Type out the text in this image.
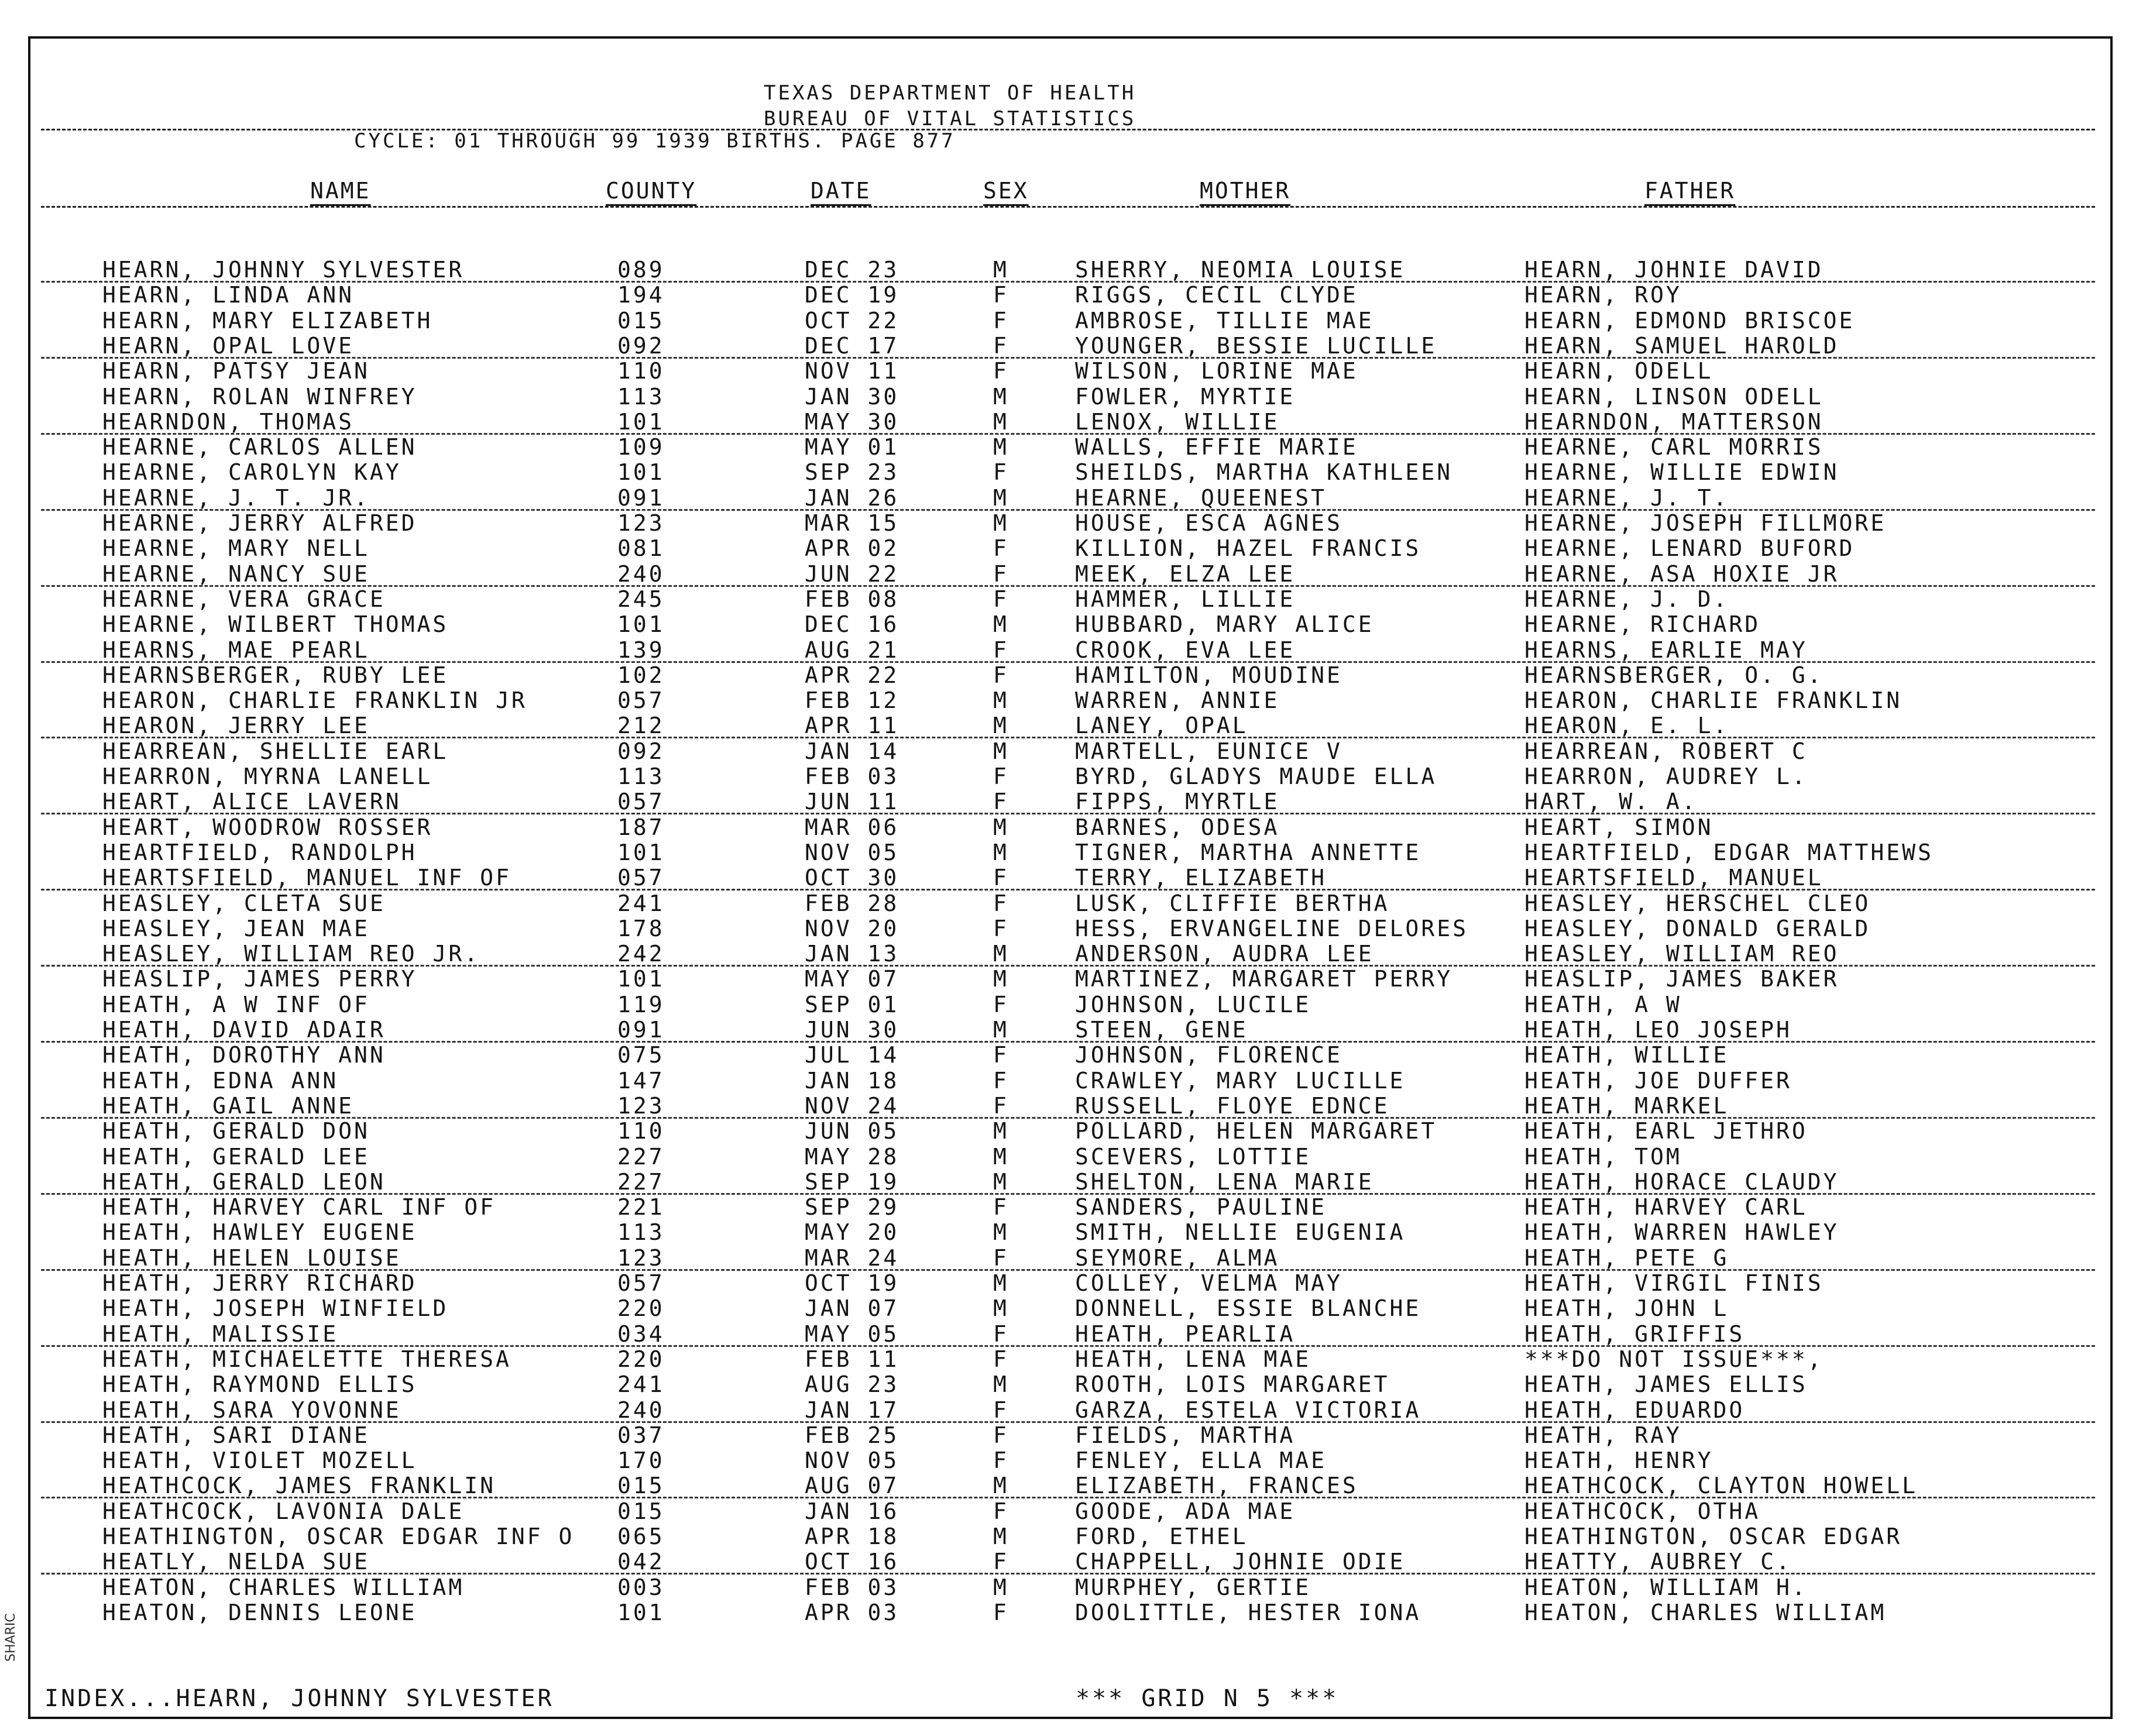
TEXAS DEPARTMENT OF HEALTH
BUREAU OF VITAL STATISTICS
CYCLE: 01 THROUGH 99 1939 BIRTHS. PAGE 877
NAME	COUNTY	DATE	SEX	MOTHER	FATHER
HEARN, JOHNNY SYLVESTER	089	DEC 23	M	SHERRY, NEOMIA LOUISE	HEARN, JOHNIE DAVID
HEARN, LINDA ANN	194	DEC 19	F	RIGGS, CECIL CLYDE	HEARN, ROY
HEARN, MARY ELIZABETH	015	OCT 22	F	AMBROSE, TILLIE MAE	HEARN, EDMOND BRISCOE
HEARN, OPAL LOVE	092	DEC 17	F	YOUNGER, BESSIE LUCILLE	HEARN, SAMUEL HAROLD
HEARN, PATSY JEAN	110	NOV 11	F	WILSON, LORINE MAE	HEARN, ODELL
HEARN, ROLAN WINFREY	113	JAN 30	M	FOWLER, MYRTIE	HEARN, LINSON ODELL
HEARNDON, THOMAS	101	MAY 30	M	LENOX, WILLIE	HEARNDON, MATTERSON
HEARNE, CARLOS ALLEN	109	MAY 01	M	WALLS, EFFIE MARIE	HEARNE, CARL MORRIS
HEARNE, CAROLYN KAY	101	SEP 23	F	SHEILDS, MARTHA KATHLEEN	HEARNE, WILLIE EDWIN
HEARNE, J. T. JR.	091	JAN 26	M	HEARNE, QUEENEST	HEARNE, J. T.
HEARNE, JERRY ALFRED	123	MAR 15	M	HOUSE, ESCA AGNES	HEARNE, JOSEPH FILLMORE
HEARNE, MARY NELL	081	APR 02	F	KILLION, HAZEL FRANCIS	HEARNE, LENARD BUFORD
HEARNE, NANCY SUE	240	JUN 22	F	MEEK, ELZA LEE	HEARNE, ASA HOXIE JR
HEARNE, VERA GRACE	245	FEB 08	F	HAMMER, LILLIE	HEARNE, J. D.
HEARNE, WILBERT THOMAS	101	DEC 16	M	HUBBARD, MARY ALICE	HEARNE, RICHARD
HEARNS, MAE PEARL	139	AUG 21	F	CROOK, EVA LEE	HEARNS, EARLIE MAY
HEARNSBERGER, RUBY LEE	102	APR 22	F	HAMILTON, MOUDINE	HEARNSBERGER, O. G.
HEARON, CHARLIE FRANKLIN JR	057	FEB 12	M	WARREN, ANNIE	HEARON, CHARLIE FRANKLIN
HEARON, JERRY LEE	212	APR 11	M	LANEY, OPAL	HEARON, E. L.
HEARREAN, SHELLIE EARL	092	JAN 14	M	MARTELL, EUNICE V	HEARREAN, ROBERT C
HEARRON, MYRNA LANELL	113	FEB 03	F	BYRD, GLADYS MAUDE ELLA	HEARRON, AUDREY L.
HEART, ALICE LAVERN	057	JUN 11	F	FIPPS, MYRTLE	HART, W. A.
HEART, WOODROW ROSSER	187	MAR 06	M	BARNES, ODESA	HEART, SIMON
HEARTFIELD, RANDOLPH	101	NOV 05	M	TIGNER, MARTHA ANNETTE	HEARTFIELD, EDGAR MATTHEWS
HEARTSFIELD, MANUEL INF OF	057	OCT 30	F	TERRY, ELIZABETH	HEARTSFIELD, MANUEL
HEASLEY, CLETA SUE	241	FEB 28	F	LUSK, CLIFFIE BERTHA	HEASLEY, HERSCHEL CLEO
HEASLEY, JEAN MAE	178	NOV 20	F	HESS, ERVANGELINE DELORES	HEASLEY, DONALD GERALD
HEASLEY, WILLIAM REO JR.	242	JAN 13	M	ANDERSON, AUDRA LEE	HEASLEY, WILLIAM REO
HEASLIP, JAMES PERRY	101	MAY 07	M	MARTINEZ, MARGARET PERRY	HEASLIP, JAMES BAKER
HEATH, A W INF OF	119	SEP 01	F	JOHNSON, LUCILE	HEATH, A W
HEATH, DAVID ADAIR	091	JUN 30	M	STEEN, GENE	HEATH, LEO JOSEPH
HEATH, DOROTHY ANN	075	JUL 14	F	JOHNSON, FLORENCE	HEATH, WILLIE
HEATH, EDNA ANN	147	JAN 18	F	CRAWLEY, MARY LUCILLE	HEATH, JOE DUFFER
HEATH, GAIL ANNE	123	NOV 24	F	RUSSELL, FLOYE EDNCE	HEATH, MARKEL
HEATH, GERALD DON	110	JUN 05	M	POLLARD, HELEN MARGARET	HEATH, EARL JETHRO
HEATH, GERALD LEE	227	MAY 28	M	SCEVERS, LOTTIE	HEATH, TOM
HEATH, GERALD LEON	227	SEP 19	M	SHELTON, LENA MARIE	HEATH, HORACE CLAUDY
HEATH, HARVEY CARL INF OF	221	SEP 29	F	SANDERS, PAULINE	HEATH, HARVEY CARL
HEATH, HAWLEY EUGENE	113	MAY 20	M	SMITH, NELLIE EUGENIA	HEATH, WARREN HAWLEY
HEATH, HELEN LOUISE	123	MAR 24	F	SEYMORE, ALMA	HEATH, PETE G
HEATH, JERRY RICHARD	057	OCT 19	M	COLLEY, VELMA MAY	HEATH, VIRGIL FINIS
HEATH, JOSEPH WINFIELD	220	JAN 07	M	DONNELL, ESSIE BLANCHE	HEATH, JOHN L
HEATH, MALISSIE	034	MAY 05	F	HEATH, PEARLIA	HEATH, GRIFFIS
HEATH, MICHAELETTE THERESA	220	FEB 11	F	HEATH, LENA MAE	***DO NOT ISSUE***,
HEATH, RAYMOND ELLIS	241	AUG 23	M	ROOTH, LOIS MARGARET	HEATH, JAMES ELLIS
HEATH, SARA YOVONNE	240	JAN 17	F	GARZA, ESTELA VICTORIA	HEATH, EDUARDO
HEATH, SARI DIANE	037	FEB 25	F	FIELDS, MARTHA	HEATH, RAY
HEATH, VIOLET MOZELL	170	NOV 05	F	FENLEY, ELLA MAE	HEATH, HENRY
HEATHCOCK, JAMES FRANKLIN	015	AUG 07	M	ELIZABETH, FRANCES	HEATHCOCK, CLAYTON HOWELL
HEATHCOCK, LAVONIA DALE	015	JAN 16	F	GOODE, ADA MAE	HEATHCOCK, OTHA
HEATHINGTON, OSCAR EDGAR INF O 065	APR 18	M	FORD, ETHEL	HEATHINGTON, OSCAR EDGAR
HEATLY, NELDA SUE	042	OCT 16	F	CHAPPELL, JOHNIE ODIE	HEATTY, AUBREY C.
HEATON, CHARLES WILLIAM	003	FEB 03	M	MURPHEY, GERTIE	HEATON, WILLIAM H.
HEATON, DENNIS LEONE	101	APR 03	F	DOOLITTLE, HESTER IONA	HEATON, CHARLES WILLIAM
INDEX...HEARN, JOHNNY SYLVESTER	*** GRID N 5 ***
SHARIC
